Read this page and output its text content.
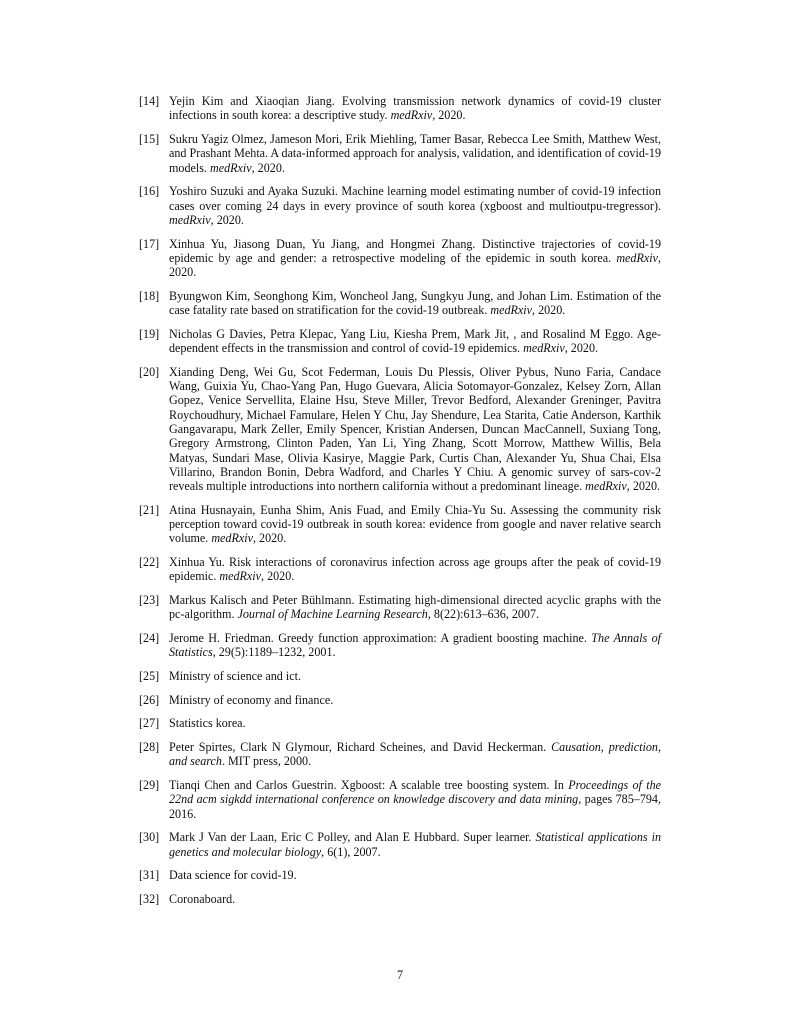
[14] Yejin Kim and Xiaoqian Jiang. Evolving transmission network dynamics of covid-19 cluster infections in south korea: a descriptive study. medRxiv, 2020.
[15] Sukru Yagiz Olmez, Jameson Mori, Erik Miehling, Tamer Basar, Rebecca Lee Smith, Matthew West, and Prashant Mehta. A data-informed approach for analysis, validation, and identification of covid-19 models. medRxiv, 2020.
[16] Yoshiro Suzuki and Ayaka Suzuki. Machine learning model estimating number of covid-19 infection cases over coming 24 days in every province of south korea (xgboost and multioutpu-tregressor). medRxiv, 2020.
[17] Xinhua Yu, Jiasong Duan, Yu Jiang, and Hongmei Zhang. Distinctive trajectories of covid-19 epidemic by age and gender: a retrospective modeling of the epidemic in south korea. medRxiv, 2020.
[18] Byungwon Kim, Seonghong Kim, Woncheol Jang, Sungkyu Jung, and Johan Lim. Estimation of the case fatality rate based on stratification for the covid-19 outbreak. medRxiv, 2020.
[19] Nicholas G Davies, Petra Klepac, Yang Liu, Kiesha Prem, Mark Jit, , and Rosalind M Eggo. Age-dependent effects in the transmission and control of covid-19 epidemics. medRxiv, 2020.
[20] Xianding Deng, Wei Gu, Scot Federman, Louis Du Plessis, Oliver Pybus, Nuno Faria, Candace Wang, Guixia Yu, Chao-Yang Pan, Hugo Guevara, Alicia Sotomayor-Gonzalez, Kelsey Zorn, Allan Gopez, Venice Servellita, Elaine Hsu, Steve Miller, Trevor Bedford, Alexander Greninger, Pavitra Roychoudhury, Michael Famulare, Helen Y Chu, Jay Shendure, Lea Starita, Catie Anderson, Karthik Gangavarapu, Mark Zeller, Emily Spencer, Kristian Andersen, Duncan MacCannell, Suxiang Tong, Gregory Armstrong, Clinton Paden, Yan Li, Ying Zhang, Scott Morrow, Matthew Willis, Bela Matyas, Sundari Mase, Olivia Kasirye, Maggie Park, Curtis Chan, Alexander Yu, Shua Chai, Elsa Villarino, Brandon Bonin, Debra Wadford, and Charles Y Chiu. A genomic survey of sars-cov-2 reveals multiple introductions into northern california without a predominant lineage. medRxiv, 2020.
[21] Atina Husnayain, Eunha Shim, Anis Fuad, and Emily Chia-Yu Su. Assessing the community risk perception toward covid-19 outbreak in south korea: evidence from google and naver relative search volume. medRxiv, 2020.
[22] Xinhua Yu. Risk interactions of coronavirus infection across age groups after the peak of covid-19 epidemic. medRxiv, 2020.
[23] Markus Kalisch and Peter Bühlmann. Estimating high-dimensional directed acyclic graphs with the pc-algorithm. Journal of Machine Learning Research, 8(22):613–636, 2007.
[24] Jerome H. Friedman. Greedy function approximation: A gradient boosting machine. The Annals of Statistics, 29(5):1189–1232, 2001.
[25] Ministry of science and ict.
[26] Ministry of economy and finance.
[27] Statistics korea.
[28] Peter Spirtes, Clark N Glymour, Richard Scheines, and David Heckerman. Causation, prediction, and search. MIT press, 2000.
[29] Tianqi Chen and Carlos Guestrin. Xgboost: A scalable tree boosting system. In Proceedings of the 22nd acm sigkdd international conference on knowledge discovery and data mining, pages 785–794, 2016.
[30] Mark J Van der Laan, Eric C Polley, and Alan E Hubbard. Super learner. Statistical applications in genetics and molecular biology, 6(1), 2007.
[31] Data science for covid-19.
[32] Coronaboard.
7
